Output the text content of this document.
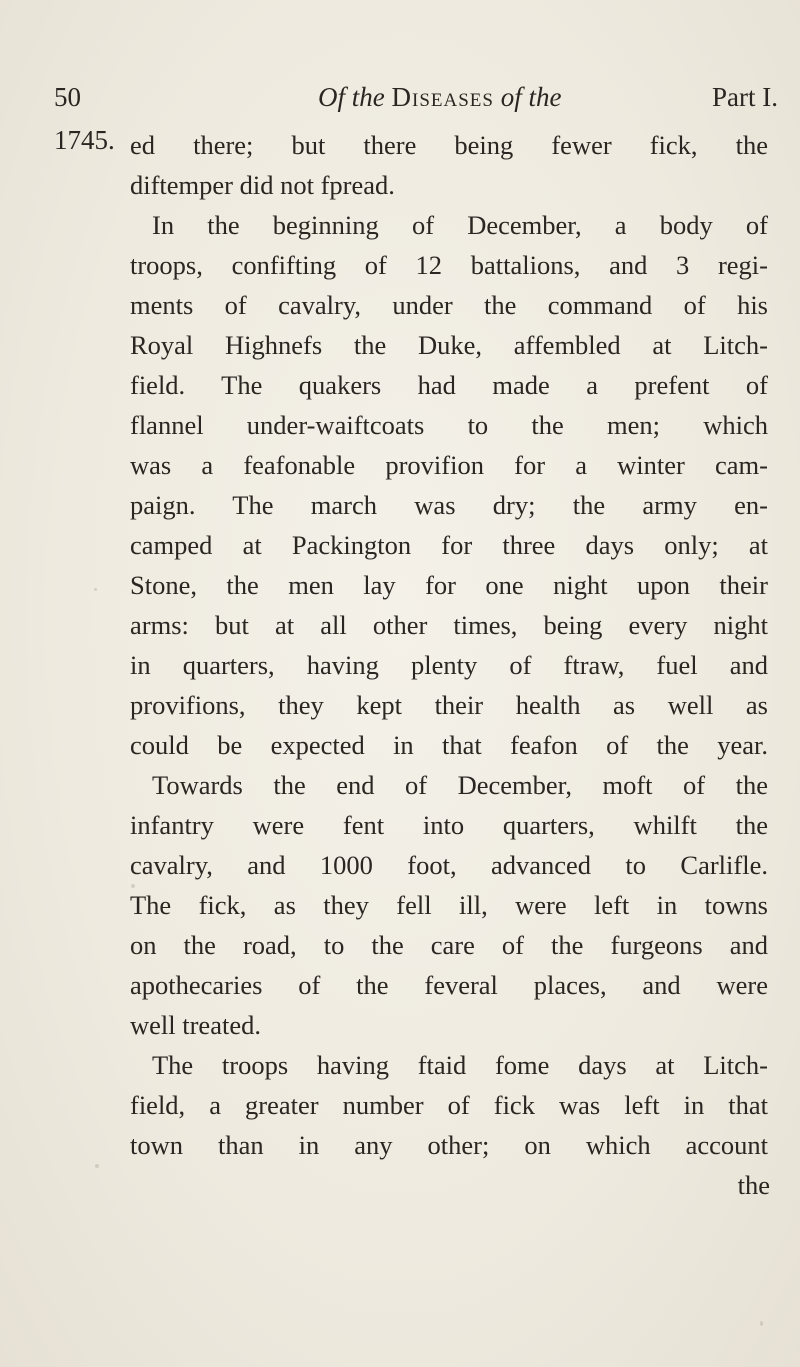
50	Of the Diseases of the	Part I.
1745. ed there; but there being fewer fick, the
diftemper did not fpread.
In the beginning of December, a body of
troops, confifting of 12 battalions, and 3 regi-
ments of cavalry, under the command of his
Royal Highnefs the Duke, affembled at Litch-
field. The quakers had made a prefent of
flannel under-waiftcoats to the men; which
was a feafonable provifion for a winter cam-
paign. The march was dry; the army en-
camped at Packington for three days only; at
Stone, the men lay for one night upon their
arms: but at all other times, being every night
in quarters, having plenty of ftraw, fuel and
provifions, they kept their health as well as
could be expected in that feafon of the year.
Towards the end of December, moft of the
infantry were fent into quarters, whilft the
cavalry, and 1000 foot, advanced to Carlifle.
The fick, as they fell ill, were left in towns
on the road, to the care of the furgeons and
apothecaries of the feveral places, and were
well treated.
The troops having ftaid fome days at Litch-
field, a greater number of fick was left in that
town than in any other; on which account
the
